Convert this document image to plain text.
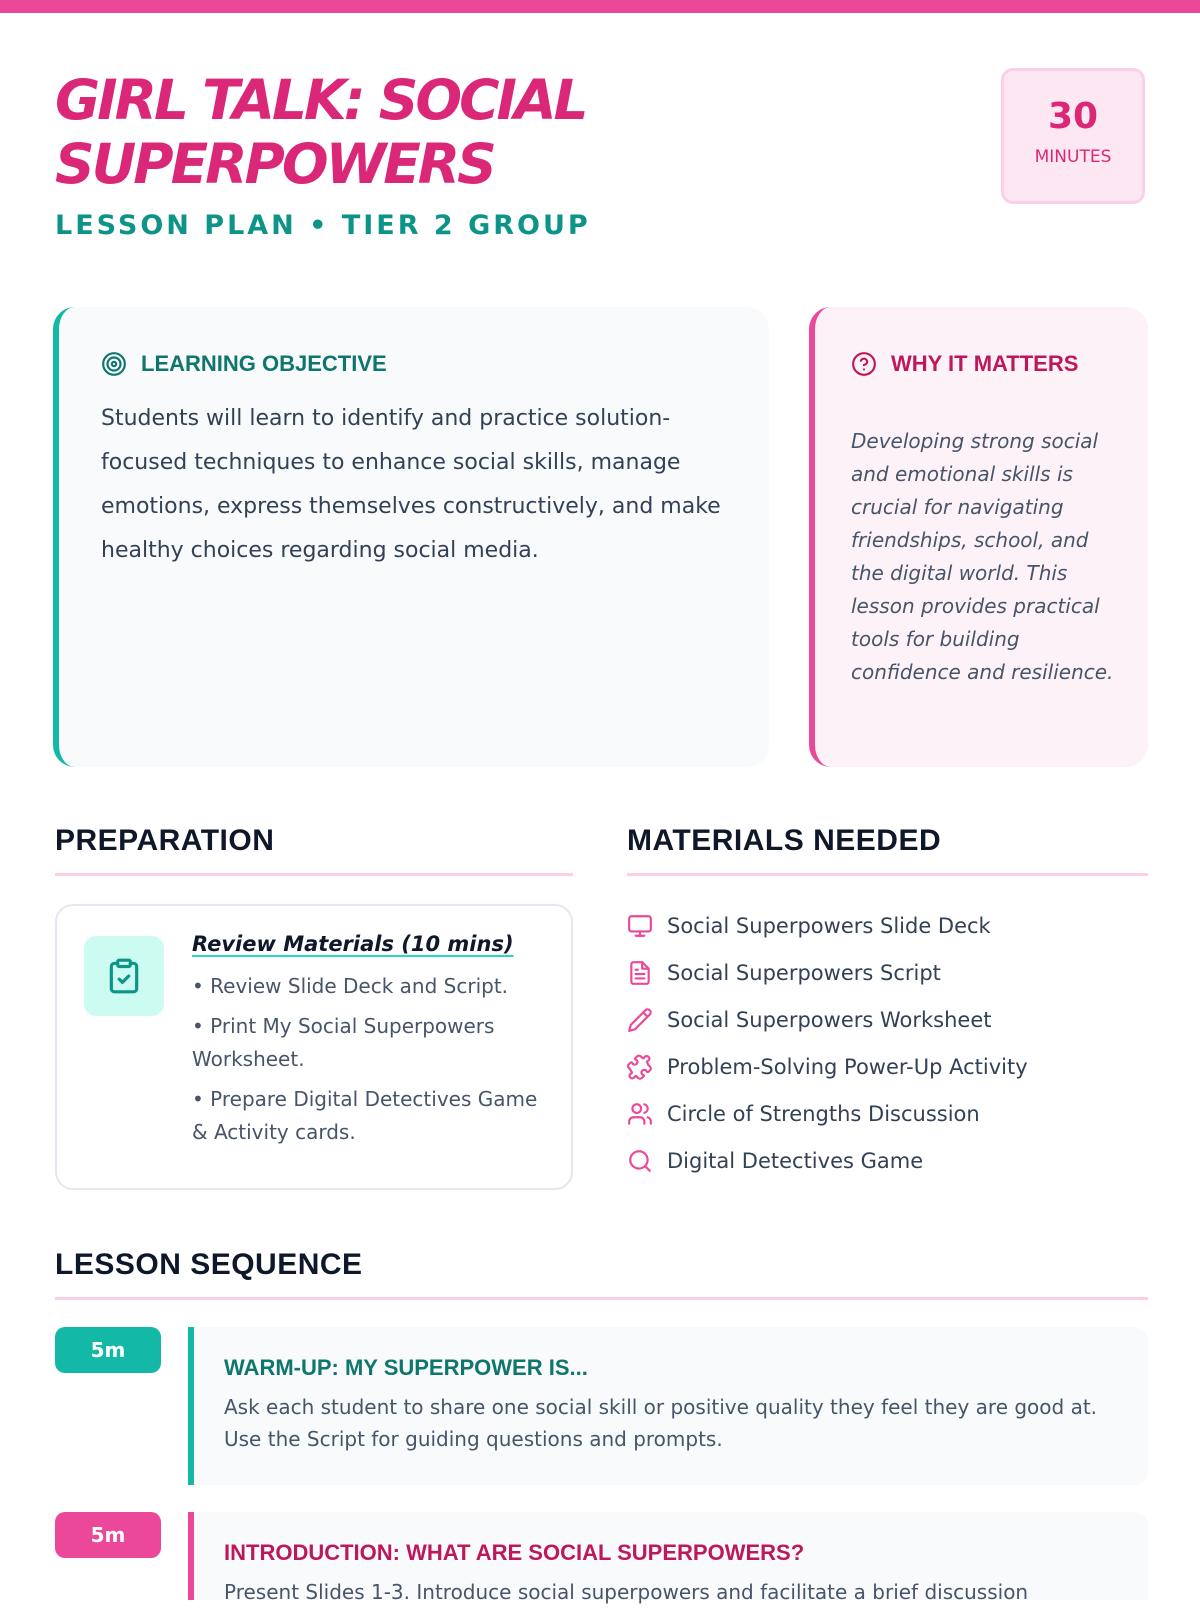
GIRL TALK: SOCIAL SUPERPOWERS
LESSON PLAN • TIER 2 GROUP
30
MINUTES
LEARNING OBJECTIVE

Students will learn to identify and practice solution-focused techniques to enhance social skills, manage emotions, express themselves constructively, and make healthy choices regarding social media.

WHY IT MATTERS

Developing strong social and emotional skills is crucial for navigating friendships, school, and the digital world. This lesson provides practical tools for building confidence and resilience.

PREPARATION
Review Materials (10 mins)
• Review Slide Deck and Script.
• Print My Social Superpowers Worksheet.
• Prepare Digital Detectives Game & Activity cards.
MATERIALS NEEDED
Social Superpowers Slide Deck
Social Superpowers Script
Social Superpowers Worksheet
Problem-Solving Power-Up Activity
Circle of Strengths Discussion
Digital Detectives Game
LESSON SEQUENCE
5m
WARM-UP: MY SUPERPOWER IS...

Ask each student to share one social skill or positive quality they feel they are good at. Use the Script for guiding questions and prompts.

5m
INTRODUCTION: WHAT ARE SOCIAL SUPERPOWERS?

Present Slides 1-3. Introduce social superpowers and facilitate a brief discussion
